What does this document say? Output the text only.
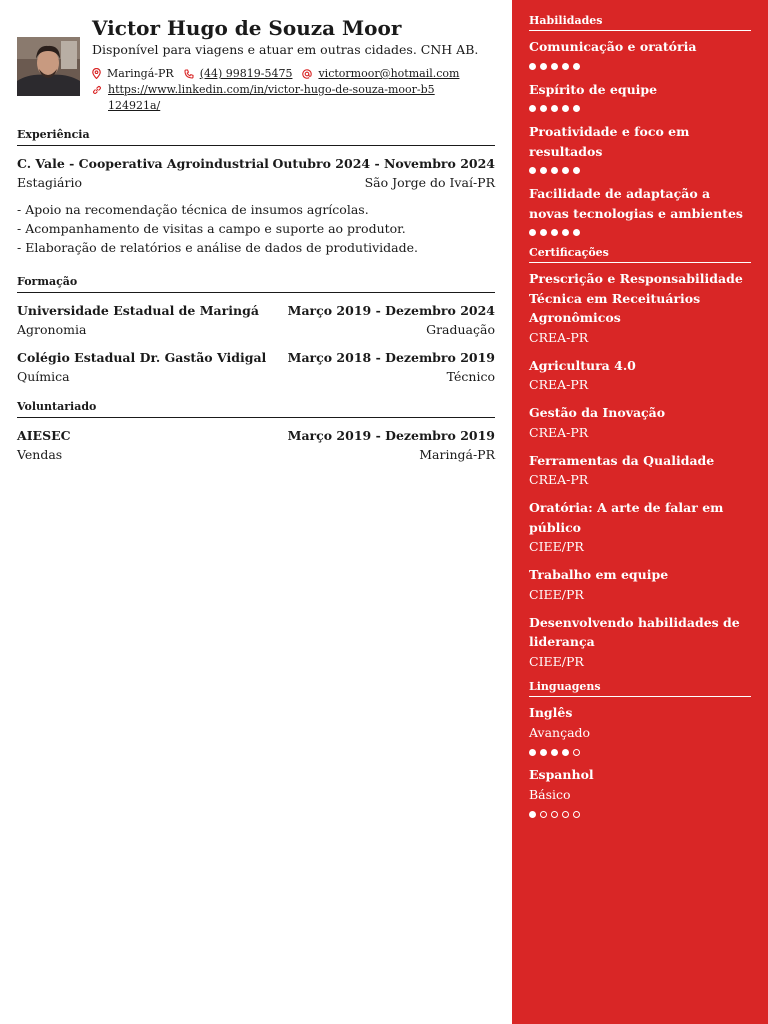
Victor Hugo de Souza Moor
Disponível para viagens e atuar em outras cidades. CNH AB.
Maringá-PR (44) 99819-5475 victormoor@hotmail.com
https://www.linkedin.com/in/victor-hugo-de-souza-moor-b5124921a/
Experiência
C. Vale - Cooperativa Agroindustrial Outubro 2024 - Novembro 2024
Estagiário	São Jorge do Ivaí-PR
- Apoio na recomendação técnica de insumos agrícolas.
- Acompanhamento de visitas a campo e suporte ao produtor.
- Elaboração de relatórios e análise de dados de produtividade.
Formação
Universidade Estadual de Maringá Março 2019 - Dezembro 2024
Agronomia	Graduação
Colégio Estadual Dr. Gastão Vidigal Março 2018 - Dezembro 2019
Química	Técnico
Voluntariado
AIESEC	Março 2019 - Dezembro 2019
Vendas	Maringá-PR
Habilidades
Comunicação e oratória
Espírito de equipe
Proatividade e foco em resultados
Facilidade de adaptação a novas tecnologias e ambientes
Certificações
Prescrição e Responsabilidade Técnica em Receituários Agronômicos
CREA-PR
Agricultura 4.0
CREA-PR
Gestão da Inovação
CREA-PR
Ferramentas da Qualidade
CREA-PR
Oratória: A arte de falar em público
CIEE/PR
Trabalho em equipe
CIEE/PR
Desenvolvendo habilidades de liderança
CIEE/PR
Linguagens
Inglês
Avançado
Espanhol
Básico
